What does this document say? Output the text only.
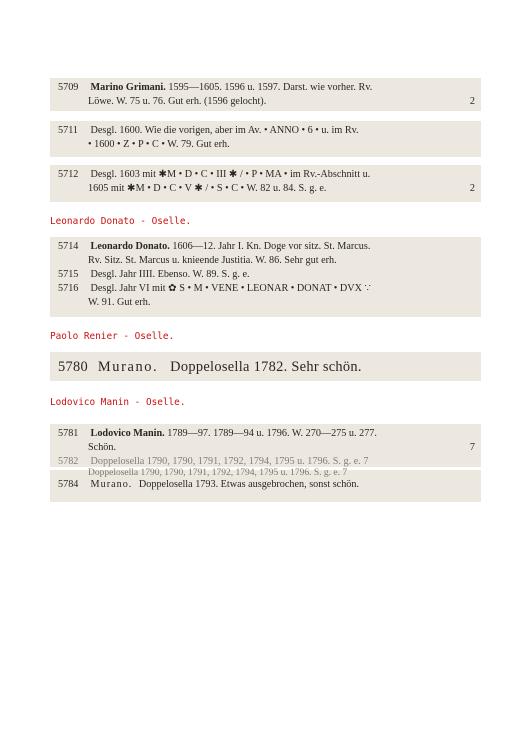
5709 Marino Grimani. 1595—1605. 1596 u. 1597. Darst. wie vorher. Rv.
Löwe. W. 75 u. 76. Gut erh. (1596 gelocht).	2
5711 Desgl. 1600. Wie die vorigen, aber im Av. • ANNO • 6 • u. im Rv.
• 1600 • Z • P • C • W. 79. Gut erh.
5712 Desgl. 1603 mit ✱M • D • C • III ✱ / • P • MA • im Rv.-Abschnitt u.
1605 mit ✱M • D • C • V ✱ / • S • C • W. 82 u. 84. S. g. e.	2
Leonardo Donato - Oselle.
5714 Leonardo Donato. 1606—12. Jahr I. Kn. Doge vor sitz. St. Marcus.
Rv. Sitz. St. Marcus u. knieende Justitia. W. 86. Sehr gut erh.
5715 Desgl. Jahr IIII. Ebenso. W. 89. S. g. e.
5716 Desgl. Jahr VI mit ✿ S • M • VENE • LEONAR • DONAT • DVX ∵
W. 91. Gut erh.
Paolo Renier - Oselle.
5780 Murano. Doppelosella 1782. Sehr schön.
Lodovico Manin - Oselle.
5781 Lodovico Manin. 1789—97. 1789—94 u. 1796. W. 270—275 u. 277.
Schön.	7
5782 Doppelosella 1790, 1790, 1791, 1792, 1794, 1795 u. 1796. S. g. e. 7
Doppelosella 1790, 1790, 1791, 1792, 1794, 1795 u. 1796. S. g. e. 7
5784 Murano. Doppelosella 1793. Etwas ausgebrochen, sonst schön.
